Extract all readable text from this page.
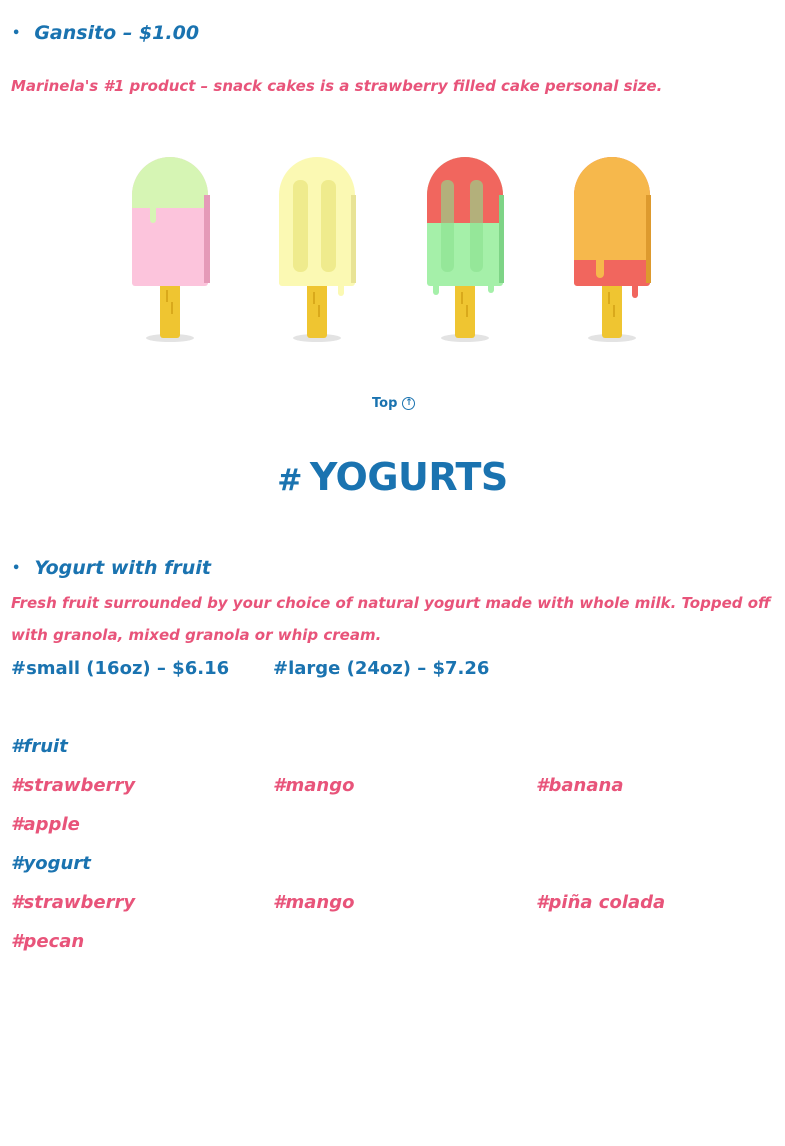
• Gansito – $1.00
Marinela's #1 product – snack cakes is a strawberry filled cake personal size.
Top ↑
# YOGURTS
• Yogurt with fruit
Fresh fruit surrounded by your choice of natural yogurt made with whole milk. Topped off with granola, mixed granola or whip cream.
#small (16oz) – $6.16 #large (24oz) – $7.26
#fruit
#strawberry	#mango	#banana
#apple
#yogurt
#strawberry	#mango	#piña colada
#pecan
